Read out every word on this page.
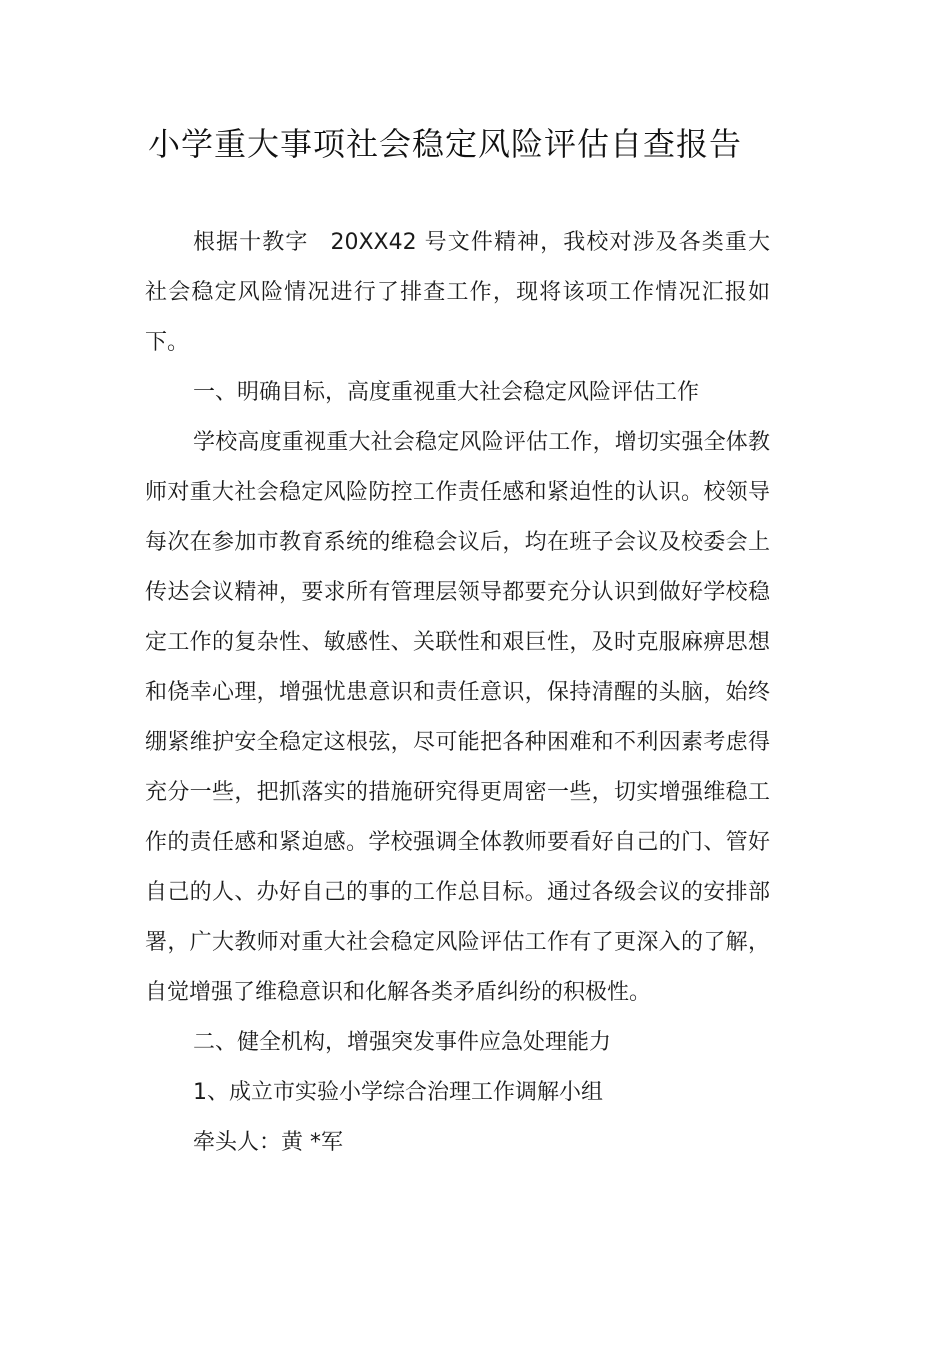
小学重大事项社会稳定风险评估自查报告

根据十教字 20XX42 号文件精神，我校对涉及各类重大社会稳定风险情况进行了排查工作，现将该项工作情况汇报如下。

一、明确目标，高度重视重大社会稳定风险评估工作

学校高度重视重大社会稳定风险评估工作，增切实强全体教师对重大社会稳定风险防控工作责任感和紧迫性的认识。校领导每次在参加市教育系统的维稳会议后，均在班子会议及校委会上传达会议精神，要求所有管理层领导都要充分认识到做好学校稳定工作的复杂性、敏感性、关联性和艰巨性，及时克服麻痹思想和侥幸心理，增强忧患意识和责任意识，保持清醒的头脑，始终绷紧维护安全稳定这根弦，尽可能把各种困难和不利因素考虑得充分一些，把抓落实的措施研究得更周密一些，切实增强维稳工作的责任感和紧迫感。学校强调全体教师要看好自己的门、管好自己的人、办好自己的事的工作总目标。通过各级会议的安排部署，广大教师对重大社会稳定风险评估工作有了更深入的了解，自觉增强了维稳意识和化解各类矛盾纠纷的积极性。

二、健全机构，增强突发事件应急处理能力

1、成立市实验小学综合治理工作调解小组

牵头人：黄 *军
